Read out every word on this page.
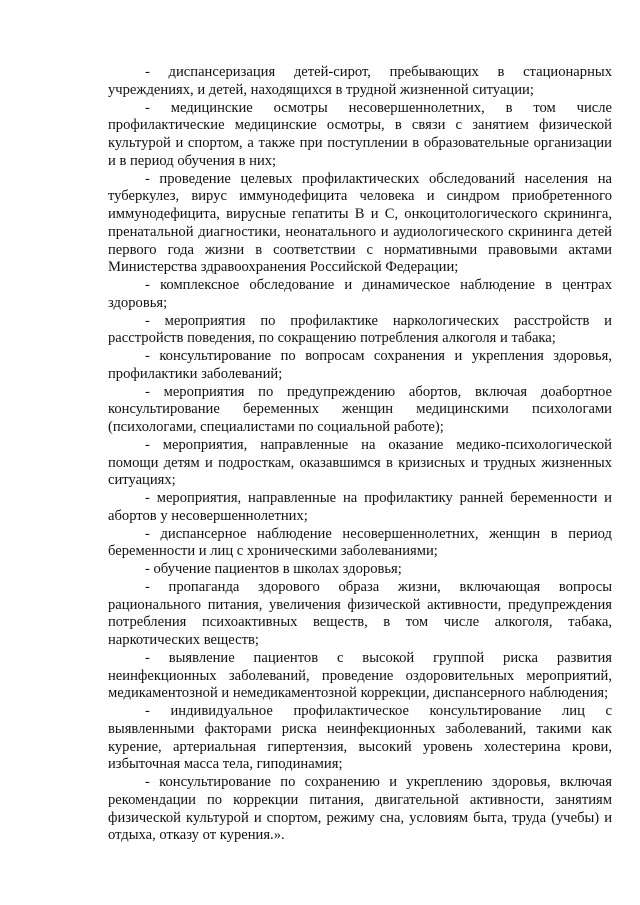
- диспансеризация детей-сирот, пребывающих в стационарных учреждениях, и детей, находящихся в трудной жизненной ситуации;

- медицинские осмотры несовершеннолетних, в том числе профилактические медицинские осмотры, в связи с занятием физической культурой и спортом, а также при поступлении в образовательные организации и в период обучения в них;

- проведение целевых профилактических обследований населения на туберкулез, вирус иммунодефицита человека и синдром приобретенного иммунодефицита, вирусные гепатиты В и С, онкоцитологического скрининга, пренатальной диагностики, неонатального и аудиологического скрининга детей первого года жизни в соответствии с нормативными правовыми актами Министерства здравоохранения Российской Федерации;

- комплексное обследование и динамическое наблюдение в центрах здоровья;

- мероприятия по профилактике наркологических расстройств и расстройств поведения, по сокращению потребления алкоголя и табака;

- консультирование по вопросам сохранения и укрепления здоровья, профилактики заболеваний;

- мероприятия по предупреждению абортов, включая доабортное консультирование беременных женщин медицинскими психологами (психологами, специалистами по социальной работе);

- мероприятия, направленные на оказание медико-психологической помощи детям и подросткам, оказавшимся в кризисных и трудных жизненных ситуациях;

- мероприятия, направленные на профилактику ранней беременности и абортов у несовершеннолетних;

- диспансерное наблюдение несовершеннолетних, женщин в период беременности и лиц с хроническими заболеваниями;

- обучение пациентов в школах здоровья;

- пропаганда здорового образа жизни, включающая вопросы рационального питания, увеличения физической активности, предупреждения потребления психоактивных веществ, в том числе алкоголя, табака, наркотических веществ;

- выявление пациентов с высокой группой риска развития неинфекционных заболеваний, проведение оздоровительных мероприятий, медикаментозной и немедикаментозной коррекции, диспансерного наблюдения;

- индивидуальное профилактическое консультирование лиц с выявленными факторами риска неинфекционных заболеваний, такими как курение, артериальная гипертензия, высокий уровень холестерина крови, избыточная масса тела, гиподинамия;

- консультирование по сохранению и укреплению здоровья, включая рекомендации по коррекции питания, двигательной активности, занятиям физической культурой и спортом, режиму сна, условиям быта, труда (учебы) и отдыха, отказу от курения.».
